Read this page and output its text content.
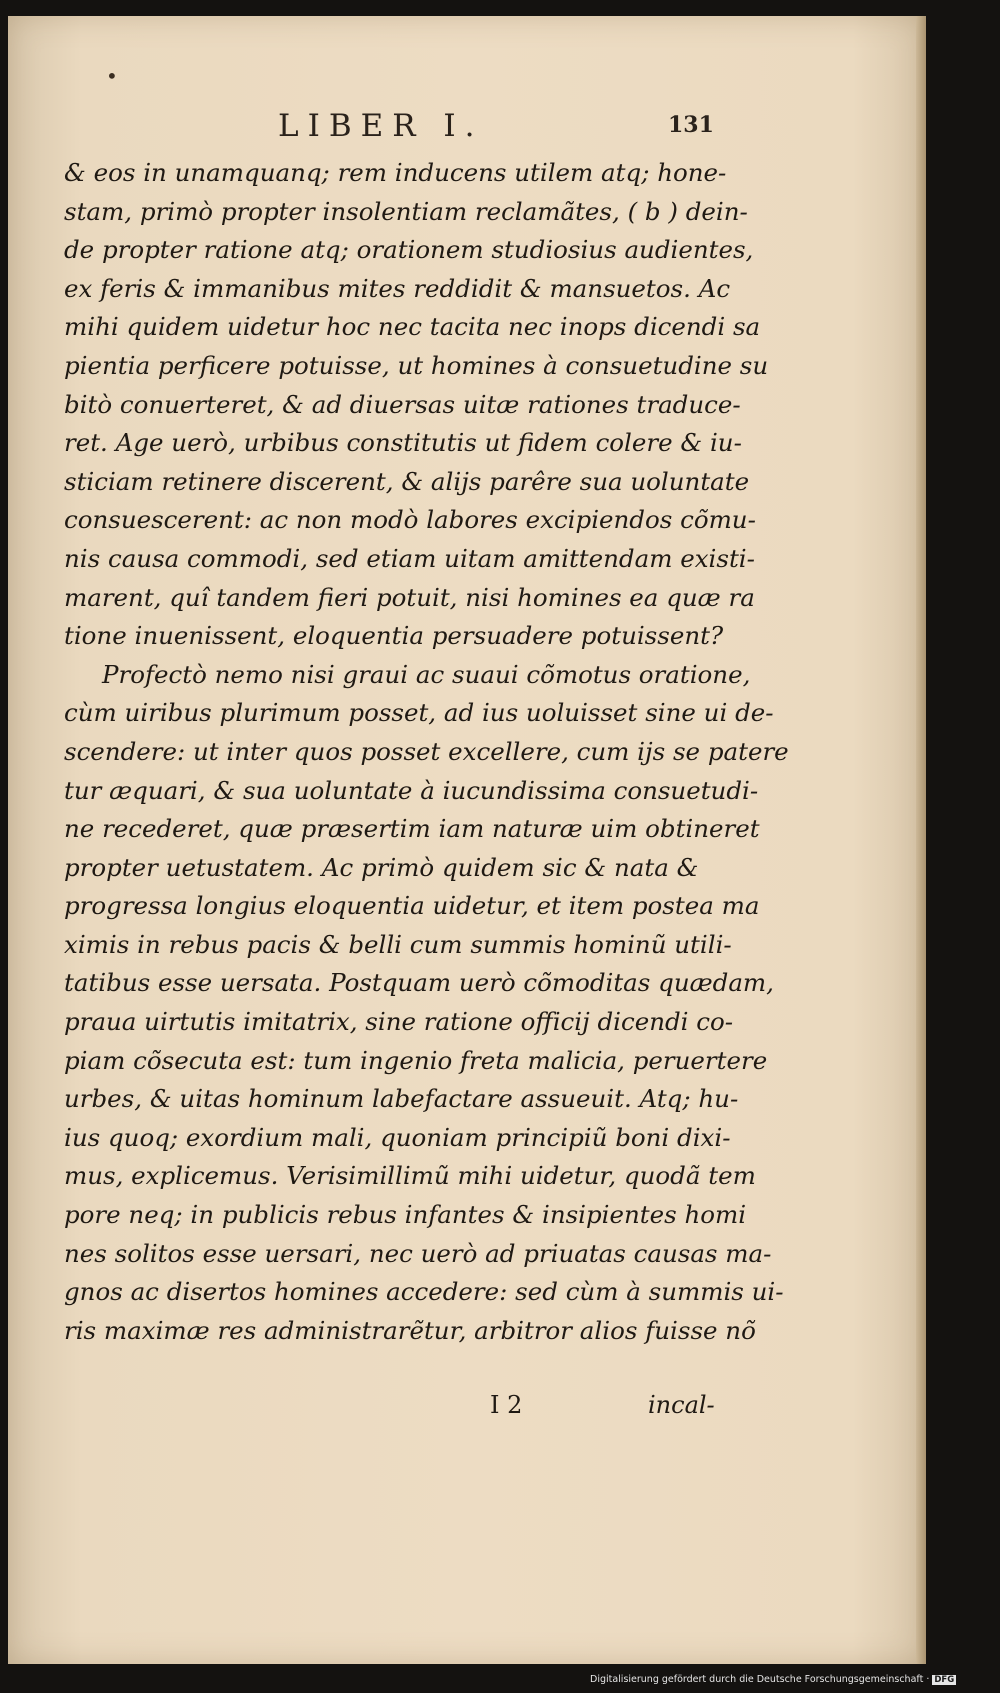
•
LIBER I.	131
& eos in unamquanq; rem inducens utilem atq; hone-
stam, primò propter insolentiam reclamãtes, ( b ) dein-
de propter ratione atq; orationem studiosius audientes,
ex feris & immanibus mites reddidit & mansuetos. Ac
mihi quidem uidetur hoc nec tacita nec inops dicendi sa
pientia perficere potuisse, ut homines à consuetudine su
bitò conuerteret, & ad diuersas uitæ rationes traduce-
ret. Age uerò, urbibus constitutis ut fidem colere & iu-
sticiam retinere discerent, & alijs parêre sua uoluntate
consuescerent: ac non modò labores excipiendos cõmu-
nis causa commodi, sed etiam uitam amittendam existi-
marent, quî tandem fieri potuit, nisi homines ea quæ ra
tione inuenissent, eloquentia persuadere potuissent?
Profectò nemo nisi graui ac suaui cõmotus oratione,
cùm uiribus plurimum posset, ad ius uoluisset sine ui de-
scendere: ut inter quos posset excellere, cum ijs se patere
tur æquari, & sua uoluntate à iucundissima consuetudi-
ne recederet, quæ præsertim iam naturæ uim obtineret
propter uetustatem. Ac primò quidem sic & nata &
progressa longius eloquentia uidetur, et item postea ma
ximis in rebus pacis & belli cum summis hominũ utili-
tatibus esse uersata. Postquam uerò cõmoditas quædam,
praua uirtutis imitatrix, sine ratione officij dicendi co-
piam cõsecuta est: tum ingenio freta malicia, peruertere
urbes, & uitas hominum labefactare assueuit. Atq; hu-
ius quoq; exordium mali, quoniam principiũ boni dixi-
mus, explicemus. Verisimillimũ mihi uidetur, quodã tem
pore neq; in publicis rebus infantes & insipientes homi
nes solitos esse uersari, nec uerò ad priuatas causas ma-
gnos ac disertos homines accedere: sed cùm à summis ui-
ris maximæ res administrarẽtur, arbitror alios fuisse nõ
I 2	incal-
Digitalisierung gefördert durch die Deutsche Forschungsgemeinschaft · DFG
